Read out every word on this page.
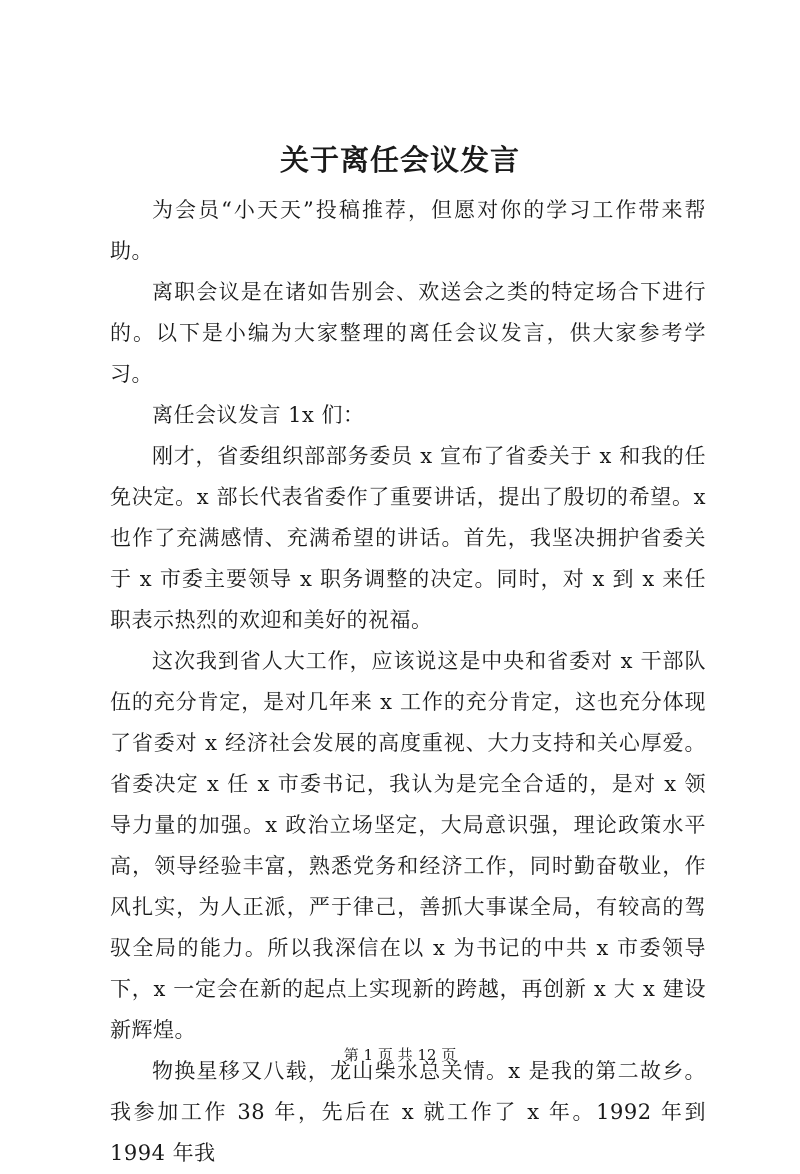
关于离任会议发言

为会员“小天天”投稿推荐，但愿对你的学习工作带来帮助。

离职会议是在诸如告别会、欢送会之类的特定场合下进行的。以下是小编为大家整理的离任会议发言，供大家参考学习。

离任会议发言 1x 们：

刚才，省委组织部部务委员 x 宣布了省委关于 x 和我的任免决定。x 部长代表省委作了重要讲话，提出了殷切的希望。x 也作了充满感情、充满希望的讲话。首先，我坚决拥护省委关于 x 市委主要领导 x 职务调整的决定。同时，对 x 到 x 来任职表示热烈的欢迎和美好的祝福。

这次我到省人大工作，应该说这是中央和省委对 x 干部队伍的充分肯定，是对几年来 x 工作的充分肯定，这也充分体现了省委对 x 经济社会发展的高度重视、大力支持和关心厚爱。省委决定 x 任 x 市委书记，我认为是完全合适的，是对 x 领导力量的加强。x 政治立场坚定，大局意识强，理论政策水平高，领导经验丰富，熟悉党务和经济工作，同时勤奋敬业，作风扎实，为人正派，严于律己，善抓大事谋全局，有较高的驾驭全局的能力。所以我深信在以 x 为书记的中共 x 市委领导下，x 一定会在新的起点上实现新的跨越，再创新 x 大 x 建设新辉煌。

物换星移又八载，龙山柴水总关情。x 是我的第二故乡。我参加工作 38 年，先后在 x 就工作了 x 年。1992 年到 1994 年我

第 1 页 共 12 页
